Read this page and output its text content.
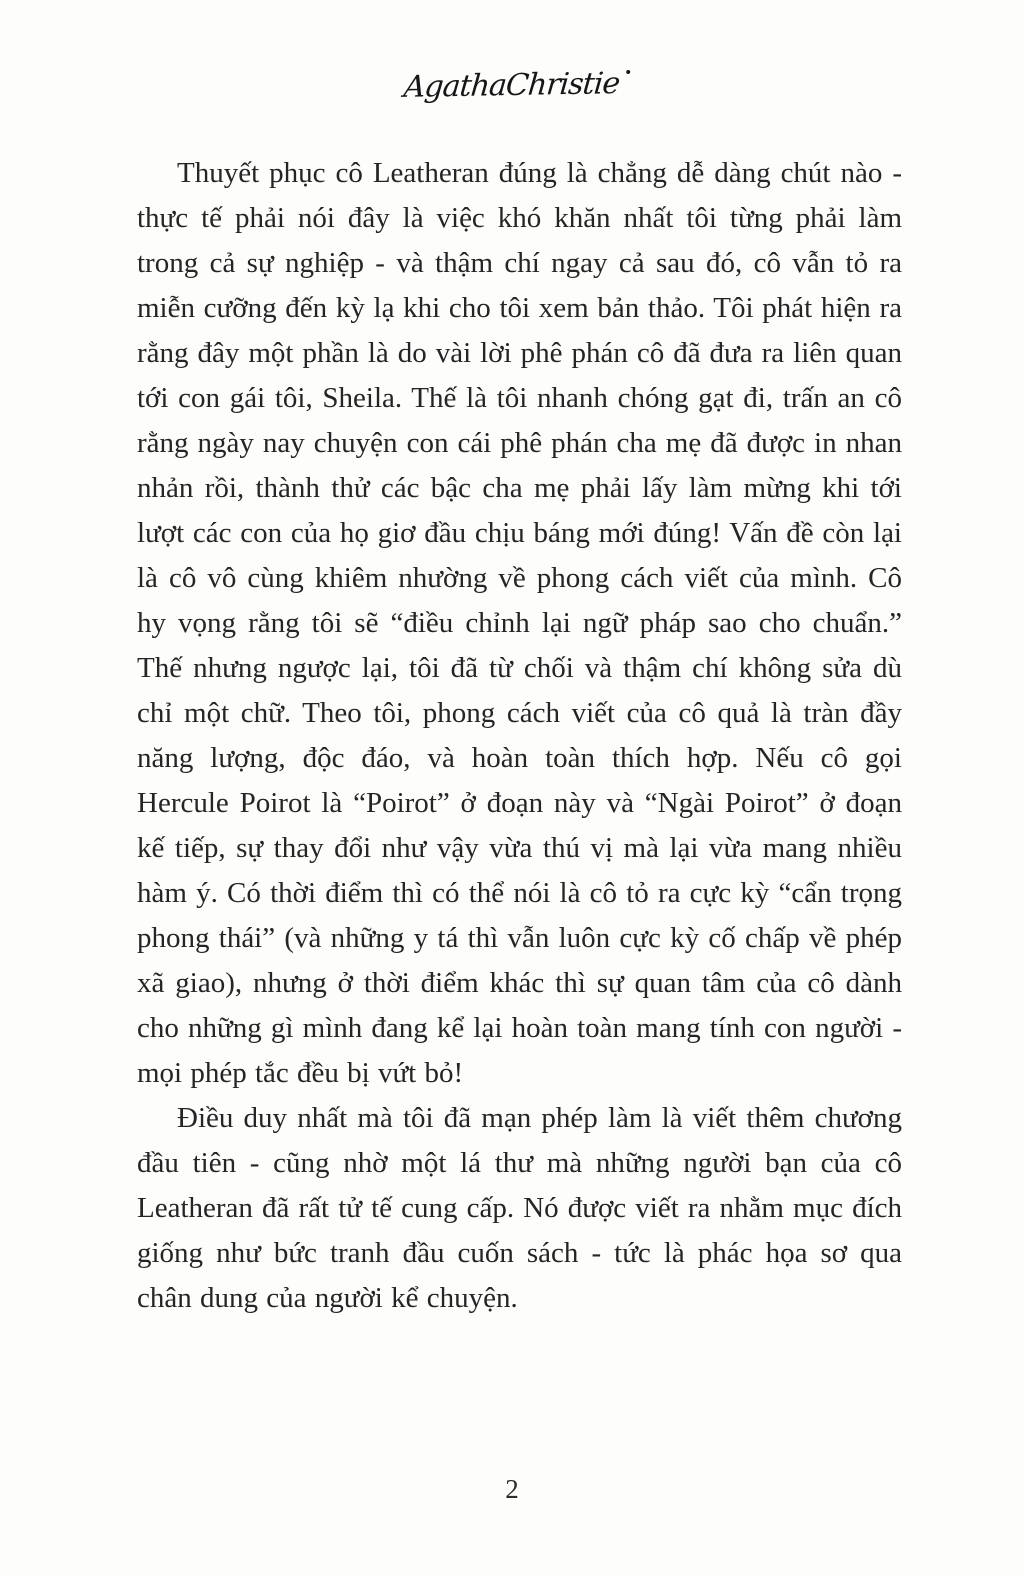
AgathaChristie

Thuyết phục cô Leatheran đúng là chẳng dễ dàng chút nào - thực tế phải nói đây là việc khó khăn nhất tôi từng phải làm trong cả sự nghiệp - và thậm chí ngay cả sau đó, cô vẫn tỏ ra miễn cưỡng đến kỳ lạ khi cho tôi xem bản thảo. Tôi phát hiện ra rằng đây một phần là do vài lời phê phán cô đã đưa ra liên quan tới con gái tôi, Sheila. Thế là tôi nhanh chóng gạt đi, trấn an cô rằng ngày nay chuyện con cái phê phán cha mẹ đã được in nhan nhản rồi, thành thử các bậc cha mẹ phải lấy làm mừng khi tới lượt các con của họ giơ đầu chịu báng mới đúng! Vấn đề còn lại là cô vô cùng khiêm nhường về phong cách viết của mình. Cô hy vọng rằng tôi sẽ “điều chỉnh lại ngữ pháp sao cho chuẩn.” Thế nhưng ngược lại, tôi đã từ chối và thậm chí không sửa dù chỉ một chữ. Theo tôi, phong cách viết của cô quả là tràn đầy năng lượng, độc đáo, và hoàn toàn thích hợp. Nếu cô gọi Hercule Poirot là “Poirot” ở đoạn này và “Ngài Poirot” ở đoạn kế tiếp, sự thay đổi như vậy vừa thú vị mà lại vừa mang nhiều hàm ý. Có thời điểm thì có thể nói là cô tỏ ra cực kỳ “cẩn trọng phong thái” (và những y tá thì vẫn luôn cực kỳ cố chấp về phép xã giao), nhưng ở thời điểm khác thì sự quan tâm của cô dành cho những gì mình đang kể lại hoàn toàn mang tính con người - mọi phép tắc đều bị vứt bỏ!

Điều duy nhất mà tôi đã mạn phép làm là viết thêm chương đầu tiên - cũng nhờ một lá thư mà những người bạn của cô Leatheran đã rất tử tế cung cấp. Nó được viết ra nhằm mục đích giống như bức tranh đầu cuốn sách - tức là phác họa sơ qua chân dung của người kể chuyện.

2
